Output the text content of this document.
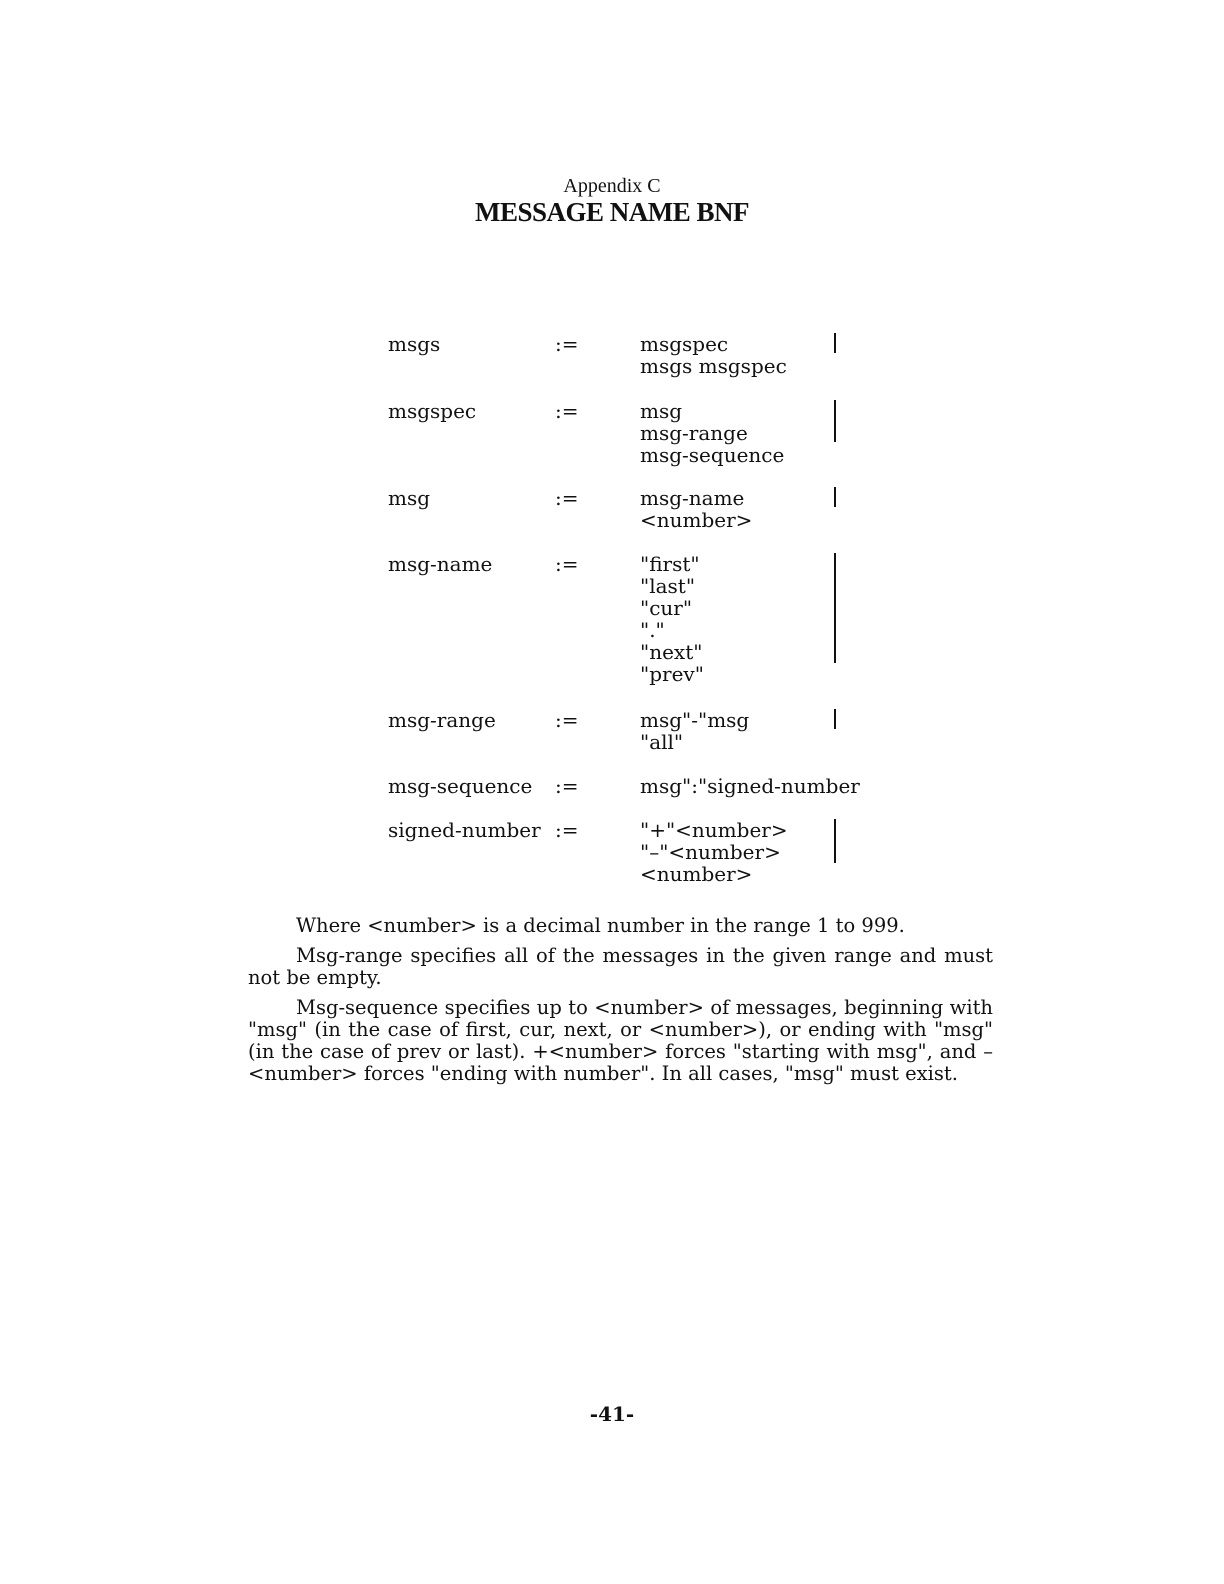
Appendix C
MESSAGE NAME BNF
msgs	:=	msgspec
msgs msgspec
msgspec	:=	msg
msg-range
msg-sequence
msg	:=	msg-name
<number>
msg-name	:=	"first"
"last"
"cur"
"."
"next"
"prev"
msg-range	:=	msg"-"msg
"all"
msg-sequence :=	msg":"signed-number
signed-number :=	"+"<number>
"–"<number>
<number>
Where <number> is a decimal number in the range 1 to 999.
Msg-range specifies all of the messages in the given range and must not be empty.
Msg-sequence specifies up to <number> of messages, beginning with "msg" (in the case of first, cur, next, or <number>), or ending with "msg" (in the case of prev or last). +<number> forces "starting with msg", and –<number> forces "ending with number". In all cases, "msg" must exist.
-41-
